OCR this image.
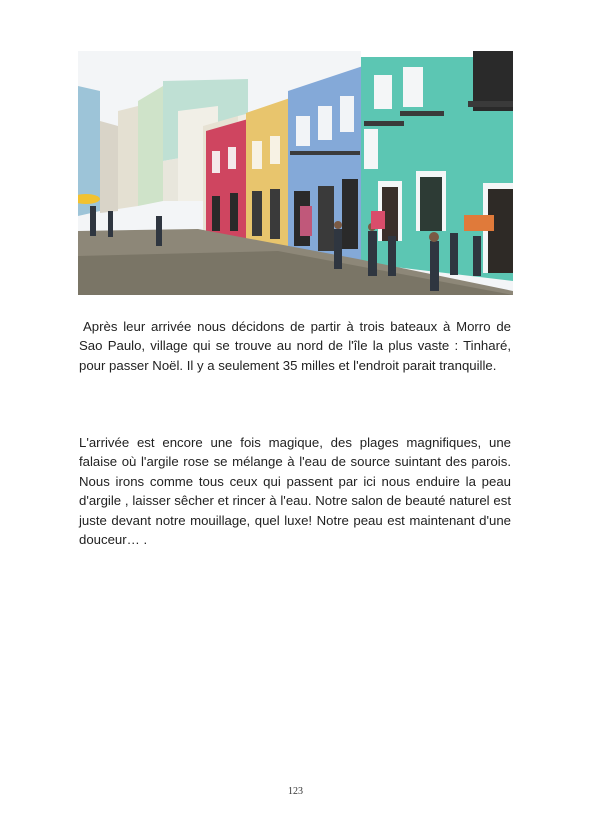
Après leur arrivée nous décidons de partir à trois bateaux à Morro de Sao Paulo, village qui se trouve au nord de l'île la plus vaste : Tinharé, pour passer Noël. Il y a seulement 35 milles et l'endroit parait tranquille.

L'arrivée est encore une fois magique, des plages magnifiques, une falaise où l'argile rose se mélange à l'eau de source suintant des parois. Nous irons comme tous ceux qui passent par ici nous enduire la peau d'argile , laisser sêcher et rincer à l'eau. Notre salon de beauté naturel est juste devant notre mouillage, quel luxe! Notre peau est maintenant d'une douceur… .

123
